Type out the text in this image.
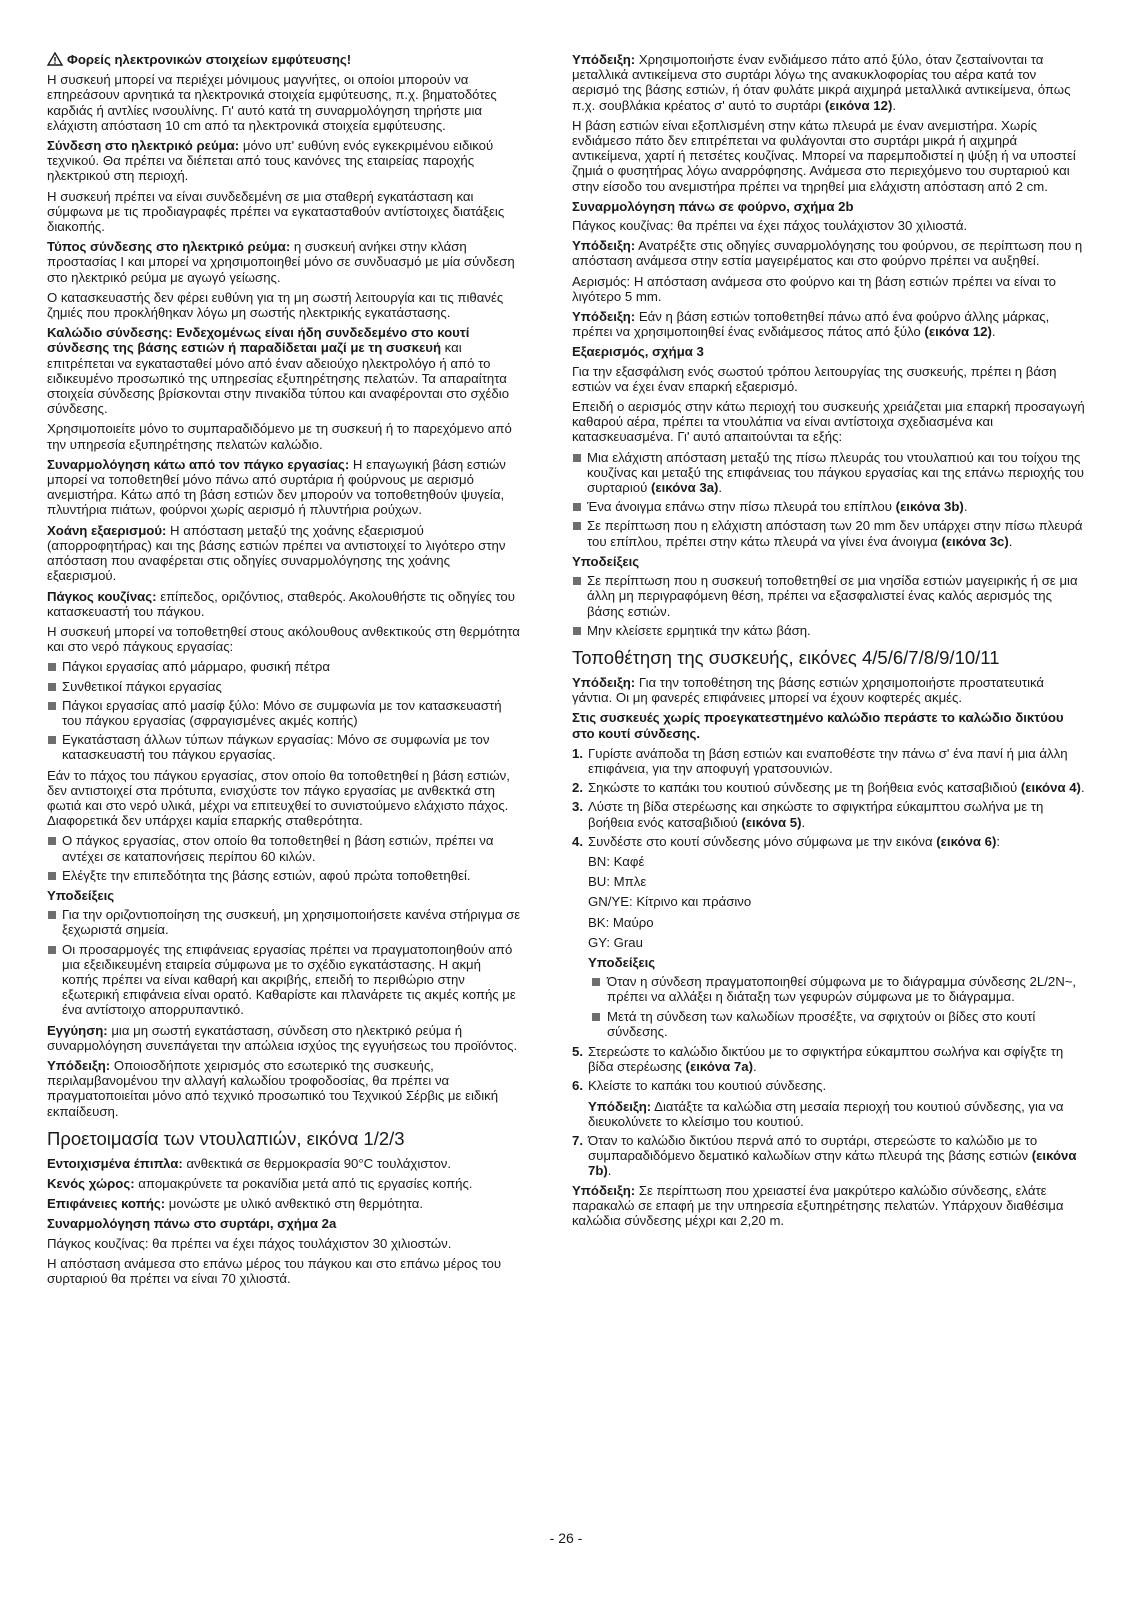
Φορείς ηλεκτρονικών στοιχείων εμφύτευσης!

Η συσκευή μπορεί να περιέχει μόνιμους μαγνήτες, οι οποίοι μπορούν να επηρεάσουν αρνητικά τα ηλεκτρονικά στοιχεία εμφύτευσης, π.χ. βηματοδότες καρδιάς ή αντλίες ινσουλίνης. Γι' αυτό κατά τη συναρμολόγηση τηρήστε μια ελάχιστη απόσταση 10 cm από τα ηλεκτρονικά στοιχεία εμφύτευσης.

Σύνδεση στο ηλεκτρικό ρεύμα: μόνο υπ' ευθύνη ενός εγκεκριμένου ειδικού τεχνικού. Θα πρέπει να διέπεται από τους κανόνες της εταιρείας παροχής ηλεκτρικού στη περιοχή.

Η συσκευή πρέπει να είναι συνδεδεμένη σε μια σταθερή εγκατάσταση και σύμφωνα με τις προδιαγραφές πρέπει να εγκατασταθούν αντίστοιχες διατάξεις διακοπής.

Τύπος σύνδεσης στο ηλεκτρικό ρεύμα: η συσκευή ανήκει στην κλάση προστασίας I και μπορεί να χρησιμοποιηθεί μόνο σε συνδυασμό με μία σύνδεση στο ηλεκτρικό ρεύμα με αγωγό γείωσης.

Ο κατασκευαστής δεν φέρει ευθύνη για τη μη σωστή λειτουργία και τις πιθανές ζημιές που προκλήθηκαν λόγω μη σωστής ηλεκτρικής εγκατάστασης.

Καλώδιο σύνδεσης: Ενδεχομένως είναι ήδη συνδεδεμένο στο κουτί σύνδεσης της βάσης εστιών ή παραδίδεται μαζί με τη συσκευή και επιτρέπεται να εγκατασταθεί μόνο από έναν αδειούχο ηλεκτρολόγο ή από το ειδικευμένο προσωπικό της υπηρεσίας εξυπηρέτησης πελατών. Τα απαραίτητα στοιχεία σύνδεσης βρίσκονται στην πινακίδα τύπου και αναφέρονται στο σχέδιο σύνδεσης.

Χρησιμοποιείτε μόνο το συμπαραδιδόμενο με τη συσκευή ή το παρεχόμενο από την υπηρεσία εξυπηρέτησης πελατών καλώδιο.

Συναρμολόγηση κάτω από τον πάγκο εργασίας: Η επαγωγική βάση εστιών μπορεί να τοποθετηθεί μόνο πάνω από συρτάρια ή φούρνους με αερισμό ανεμιστήρα. Κάτω από τη βάση εστιών δεν μπορούν να τοποθετηθούν ψυγεία, πλυντήρια πιάτων, φούρνοι χωρίς αερισμό ή πλυντήρια ρούχων.

Χοάνη εξαερισμού: Η απόσταση μεταξύ της χοάνης εξαερισμού (απορροφητήρας) και της βάσης εστιών πρέπει να αντιστοιχεί το λιγότερο στην απόσταση που αναφέρεται στις οδηγίες συναρμολόγησης της χοάνης εξαερισμού.

Πάγκος κουζίνας: επίπεδος, οριζόντιος, σταθερός. Ακολουθήστε τις οδηγίες του κατασκευαστή του πάγκου.

Η συσκευή μπορεί να τοποθετηθεί στους ακόλουθους ανθεκτικούς στη θερμότητα και στο νερό πάγκους εργασίας:

Πάγκοι εργασίας από μάρμαρο, φυσική πέτρα
Συνθετικοί πάγκοι εργασίας
Πάγκοι εργασίας από μασίφ ξύλο: Μόνο σε συμφωνία με τον κατασκευαστή του πάγκου εργασίας (σφραγισμένες ακμές κοπής)
Εγκατάσταση άλλων τύπων πάγκων εργασίας: Μόνο σε συμφωνία με τον κατασκευαστή του πάγκου εργασίας.

Εάν το πάχος του πάγκου εργασίας, στον οποίο θα τοποθετηθεί η βάση εστιών, δεν αντιστοιχεί στα πρότυπα, ενισχύστε τον πάγκο εργασίας με ανθεκτκά στη φωτιά και στο νερό υλικά, μέχρι να επιτευχθεί το συνιστούμενο ελάχιστο πάχος. Διαφορετικά δεν υπάρχει καμία επαρκής σταθερότητα.

Ο πάγκος εργασίας, στον οποίο θα τοποθετηθεί η βάση εστιών, πρέπει να αντέχει σε καταπονήσεις περίπου 60 κιλών.
Ελέγξτε την επιπεδότητα της βάσης εστιών, αφού πρώτα τοποθετηθεί.

Υποδείξεις

Για την οριζοντιοποίηση της συσκευή, μη χρησιμοποιήσετε κανένα στήριγμα σε ξεχωριστά σημεία.
Οι προσαρμογές της επιφάνειας εργασίας πρέπει να πραγματοποιηθούν από μια εξειδικευμένη εταιρεία σύμφωνα με το σχέδιο εγκατάστασης. Η ακμή κοπής πρέπει να είναι καθαρή και ακριβής, επειδή το περιθώριο στην εξωτερική επιφάνεια είναι ορατό. Καθαρίστε και πλανάρετε τις ακμές κοπής με ένα αντίστοιχο απορρυπαντικό.

Εγγύηση: μια μη σωστή εγκατάσταση, σύνδεση στο ηλεκτρικό ρεύμα ή συναρμολόγηση συνεπάγεται την απώλεια ισχύος της εγγυήσεως του προϊόντος.

Υπόδειξη: Οποιοσδήποτε χειρισμός στο εσωτερικό της συσκευής, περιλαμβανομένου την αλλαγή καλωδίου τροφοδοσίας, θα πρέπει να πραγματοποιείται μόνο από τεχνικό προσωπικό του Τεχνικού Σέρβις με ειδική εκπαίδευση.

Προετοιμασία των ντουλαπιών, εικόνα 1/2/3

Εντοιχισμένα έπιπλα: ανθεκτικά σε θερμοκρασία 90°C τουλάχιστον.

Κενός χώρος: απομακρύνετε τα ροκανίδια μετά από τις εργασίες κοπής.

Επιφάνειες κοπής: μονώστε με υλικό ανθεκτικό στη θερμότητα.

Συναρμολόγηση πάνω στο συρτάρι, σχήμα 2a

Πάγκος κουζίνας: θα πρέπει να έχει πάχος τουλάχιστον 30 χιλιοστών.

Η απόσταση ανάμεσα στο επάνω μέρος του πάγκου και στο επάνω μέρος του συρταριού θα πρέπει να είναι 70 χιλιοστά.

Υπόδειξη: Χρησιμοποιήστε έναν ενδιάμεσο πάτο από ξύλο, όταν ζεσταίνονται τα μεταλλικά αντικείμενα στο συρτάρι λόγω της ανακυκλοφορίας του αέρα κατά τον αερισμό της βάσης εστιών, ή όταν φυλάτε μικρά αιχμηρά μεταλλικά αντικείμενα, όπως π.χ. σουβλάκια κρέατος σ' αυτό το συρτάρι (εικόνα 12).

Η βάση εστιών είναι εξοπλισμένη στην κάτω πλευρά με έναν ανεμιστήρα. Χωρίς ενδιάμεσο πάτο δεν επιτρέπεται να φυλάγονται στο συρτάρι μικρά ή αιχμηρά αντικείμενα, χαρτί ή πετσέτες κουζίνας. Μπορεί να παρεμποδιστεί η ψύξη ή να υποστεί ζημιά ο φυσητήρας λόγω αναρρόφησης. Ανάμεσα στο περιεχόμενο του συρταριού και στην είσοδο του ανεμιστήρα πρέπει να τηρηθεί μια ελάχιστη απόσταση από 2 cm.

Συναρμολόγηση πάνω σε φούρνο, σχήμα 2b

Πάγκος κουζίνας: θα πρέπει να έχει πάχος τουλάχιστον 30 χιλιοστά.

Υπόδειξη: Ανατρέξτε στις οδηγίες συναρμολόγησης του φούρνου, σε περίπτωση που η απόσταση ανάμεσα στην εστία μαγειρέματος και στο φούρνο πρέπει να αυξηθεί.

Αερισμός: Η απόσταση ανάμεσα στο φούρνο και τη βάση εστιών πρέπει να είναι το λιγότερο 5 mm.

Υπόδειξη: Εάν η βάση εστιών τοποθετηθεί πάνω από ένα φούρνο άλλης μάρκας, πρέπει να χρησιμοποιηθεί ένας ενδιάμεσος πάτος από ξύλο (εικόνα 12).

Εξαερισμός, σχήμα 3

Για την εξασφάλιση ενός σωστού τρόπου λειτουργίας της συσκευής, πρέπει η βάση εστιών να έχει έναν επαρκή εξαερισμό.

Επειδή ο αερισμός στην κάτω περιοχή του συσκευής χρειάζεται μια επαρκή προσαγωγή καθαρού αέρα, πρέπει τα ντουλάπια να είναι αντίστοιχα σχεδιασμένα και κατασκευασμένα. Γι' αυτό απαιτούνται τα εξής:

Μια ελάχιστη απόσταση μεταξύ της πίσω πλευράς του ντουλαπιού και του τοίχου της κουζίνας και μεταξύ της επιφάνειας του πάγκου εργασίας και της επάνω περιοχής του συρταριού (εικόνα 3a).
Ένα άνοιγμα επάνω στην πίσω πλευρά του επίπλου (εικόνα 3b).
Σε περίπτωση που η ελάχιστη απόσταση των 20 mm δεν υπάρχει στην πίσω πλευρά του επίπλου, πρέπει στην κάτω πλευρά να γίνει ένα άνοιγμα (εικόνα 3c).

Υποδείξεις

Σε περίπτωση που η συσκευή τοποθετηθεί σε μια νησίδα εστιών μαγειρικής ή σε μια άλλη μη περιγραφόμενη θέση, πρέπει να εξασφαλιστεί ένας καλός αερισμός της βάσης εστιών.
Μην κλείσετε ερμητικά την κάτω βάση.
Τοποθέτηση της συσκευής, εικόνες 4/5/6/7/8/9/10/11

Υπόδειξη: Για την τοποθέτηση της βάσης εστιών χρησιμοποιήστε προστατευτικά γάντια. Οι μη φανερές επιφάνειες μπορεί να έχουν κοφτερές ακμές.

Στις συσκευές χωρίς προεγκατεστημένο καλώδιο περάστε το καλώδιο δικτύου στο κουτί σύνδεσης.

1. Γυρίστε ανάποδα τη βάση εστιών και εναποθέστε την πάνω σ' ένα πανί ή μια άλλη επιφάνεια, για την αποφυγή γρατσουνιών.
2. Σηκώστε το καπάκι του κουτιού σύνδεσης με τη βοήθεια ενός κατσαβιδιού (εικόνα 4).
3. Λύστε τη βίδα στερέωσης και σηκώστε το σφιγκτήρα εύκαμπτου σωλήνα με τη βοήθεια ενός κατσαβιδιού (εικόνα 5).
4. Συνδέστε στο κουτί σύνδεσης μόνο σύμφωνα με την εικόνα (εικόνα 6):

BN: Καφέ

BU: Μπλε

GN/YE: Κίτρινο και πράσινο

BK: Μαύρο

GY: Grau

Υποδείξεις

Όταν η σύνδεση πραγματοποιηθεί σύμφωνα με το διάγραμμα σύνδεσης 2L/2N~, πρέπει να αλλάξει η διάταξη των γεφυρών σύμφωνα με το διάγραμμα.
Μετά τη σύνδεση των καλωδίων προσέξτε, να σφιχτούν οι βίδες στο κουτί σύνδεσης.
5. Στερεώστε το καλώδιο δικτύου με το σφιγκτήρα εύκαμπτου σωλήνα και σφίγξτε τη βίδα στερέωσης (εικόνα 7a).
6. Κλείστε το καπάκι του κουτιού σύνδεσης.

Υπόδειξη: Διατάξτε τα καλώδια στη μεσαία περιοχή του κουτιού σύνδεσης, για να διευκολύνετε το κλείσιμο του κουτιού.

7. Όταν το καλώδιο δικτύου περνά από το συρτάρι, στερεώστε το καλώδιο με το συμπαραδιδόμενο δεματικό καλωδίων στην κάτω πλευρά της βάσης εστιών (εικόνα 7b).

Υπόδειξη: Σε περίπτωση που χρειαστεί ένα μακρύτερο καλώδιο σύνδεσης, ελάτε παρακαλώ σε επαφή με την υπηρεσία εξυπηρέτησης πελατών. Υπάρχουν διαθέσιμα καλώδια σύνδεσης μέχρι και 2,20 m.

- 26 -
